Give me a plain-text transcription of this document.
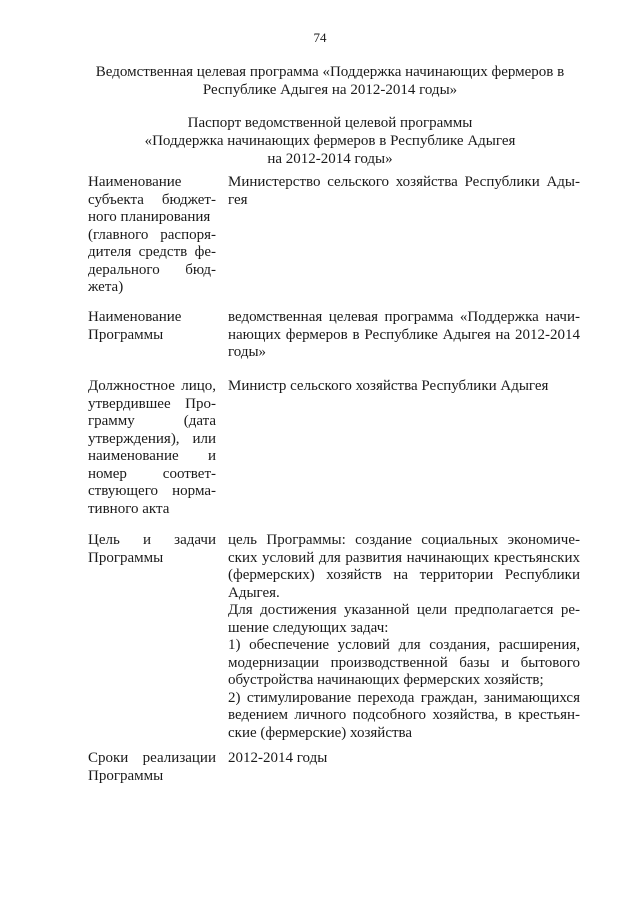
74
Ведомственная целевая программа «Поддержка начинающих фермеров в
Республике Адыгея на 2012-2014 годы»
Паспорт ведомственной целевой программы
«Поддержка начинающих фермеров в Республике Адыгея
на 2012-2014 годы»
Наименование
субъекта бюджет-
ного планирования
(главного распоря-
дителя средств фе-
дерального бюд-
жета)
Министерство сельского хозяйства Республики Ады-
гея
Наименование
Программы
ведомственная целевая программа «Поддержка начи-
нающих фермеров в Республике Адыгея на 2012-2014
годы»
Должностное лицо,
утвердившее Про-
грамму (дата
утверждения), или
наименование и
номер соответ-
ствующего норма-
тивного акта
Министр сельского хозяйства Республики Адыгея
Цель и задачи
Программы
цель Программы: создание социальных экономиче-
ских условий для развития начинающих крестьянских
(фермерских) хозяйств на территории Республики
Адыгея.
Для достижения указанной цели предполагается ре-
шение следующих задач:
1) обеспечение условий для создания, расширения,
модернизации производственной базы и бытового
обустройства начинающих фермерских хозяйств;
2) стимулирование перехода граждан, занимающихся
ведением личного подсобного хозяйства, в крестьян-
ские (фермерские) хозяйства
Сроки реализации
Программы
2012-2014 годы
